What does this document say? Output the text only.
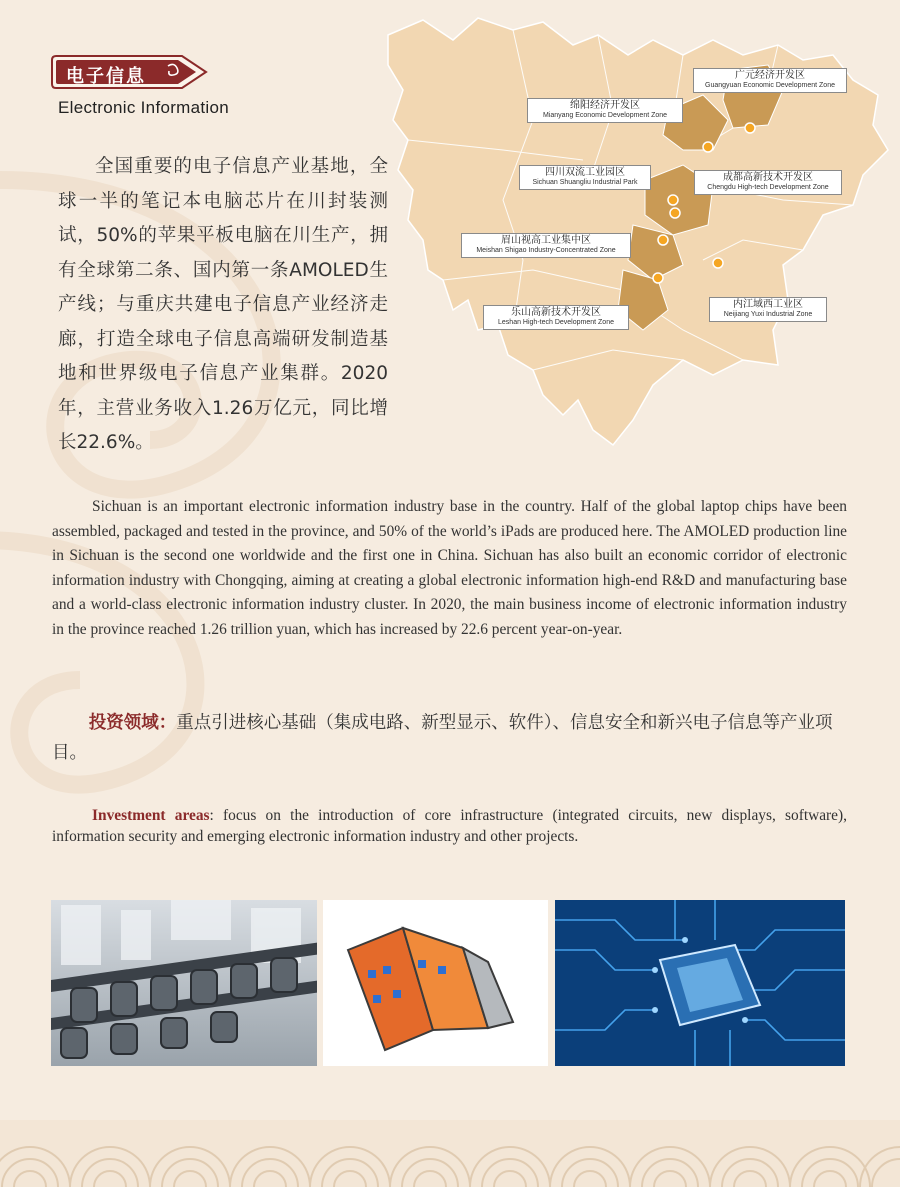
电子信息
Electronic Information
全国重要的电子信息产业基地，全球一半的笔记本电脑芯片在川封装测试，50%的苹果平板电脑在川生产，拥有全球第二条、国内第一条AMOLED生产线；与重庆共建电子信息产业经济走廊，打造全球电子信息高端研发制造基地和世界级电子信息产业集群。2020年，主营业务收入1.26万亿元，同比增长22.6%。
广元经济开发区
Guangyuan Economic Development Zone
绵阳经济开发区
Mianyang Economic Development Zone
四川双流工业园区
Sichuan Shuangliu Industrial Park	成都高新技术开发区
Chengdu High-tech Development Zone
眉山视高工业集中区
Meishan Shigao Industry-Concentrated Zone
乐山高新技术开发区
Leshan High-tech Development Zone
内江域西工业区
Neijiang Yuxi Industrial Zone
Sichuan is an important electronic information industry base in the country. Half of the global laptop chips have been assembled, packaged and tested in the province, and 50% of the world’s iPads are produced here. The AMOLED production line in Sichuan is the second one worldwide and the first one in China. Sichuan has also built an economic corridor of electronic information industry with Chongqing, aiming at creating a global electronic information high-end R&D and manufacturing base and a world-class electronic information industry cluster. In 2020, the main business income of electronic information industry in the province reached 1.26 trillion yuan, which has increased by 22.6 percent year-on-year.
投资领域：重点引进核心基础（集成电路、新型显示、软件）、信息安全和新兴电子信息等产业项目。
Investment areas: focus on the introduction of core infrastructure (integrated circuits, new displays, software), information security and emerging electronic information industry and other projects.
